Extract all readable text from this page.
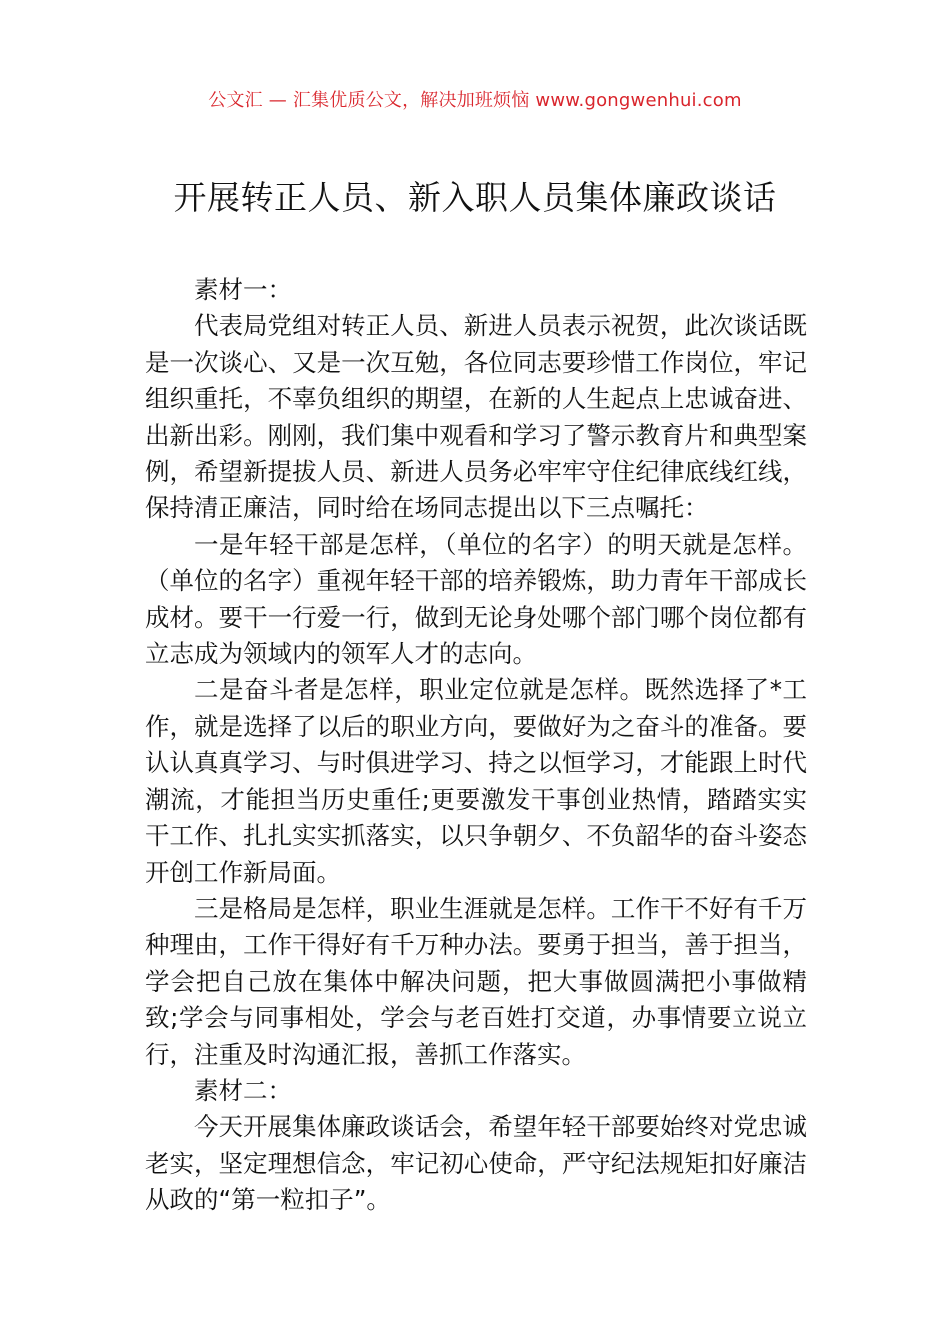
公文汇 — 汇集优质公文，解决加班烦恼 www.gongwenhui.com
开展转正人员、新入职人员集体廉政谈话

素材一：

代表局党组对转正人员、新进人员表示祝贺，此次谈话既是一次谈心、又是一次互勉，各位同志要珍惜工作岗位，牢记组织重托，不辜负组织的期望，在新的人生起点上忠诚奋进、出新出彩。刚刚，我们集中观看和学习了警示教育片和典型案例，希望新提拔人员、新进人员务必牢牢守住纪律底线红线，保持清正廉洁，同时给在场同志提出以下三点嘱托：

一是年轻干部是怎样，（单位的名字）的明天就是怎样。（单位的名字）重视年轻干部的培养锻炼，助力青年干部成长成材。要干一行爱一行，做到无论身处哪个部门哪个岗位都有立志成为领域内的领军人才的志向。

二是奋斗者是怎样，职业定位就是怎样。既然选择了*工作，就是选择了以后的职业方向，要做好为之奋斗的准备。要认认真真学习、与时俱进学习、持之以恒学习，才能跟上时代潮流，才能担当历史重任;更要激发干事创业热情，踏踏实实干工作、扎扎实实抓落实，以只争朝夕、不负韶华的奋斗姿态开创工作新局面。

三是格局是怎样，职业生涯就是怎样。工作干不好有千万种理由，工作干得好有千万种办法。要勇于担当，善于担当，学会把自己放在集体中解决问题，把大事做圆满把小事做精致;学会与同事相处，学会与老百姓打交道，办事情要立说立行，注重及时沟通汇报，善抓工作落实。

素材二：

今天开展集体廉政谈话会，希望年轻干部要始终对党忠诚老实，坚定理想信念，牢记初心使命，严守纪法规矩扣好廉洁从政的“第一粒扣子”。
